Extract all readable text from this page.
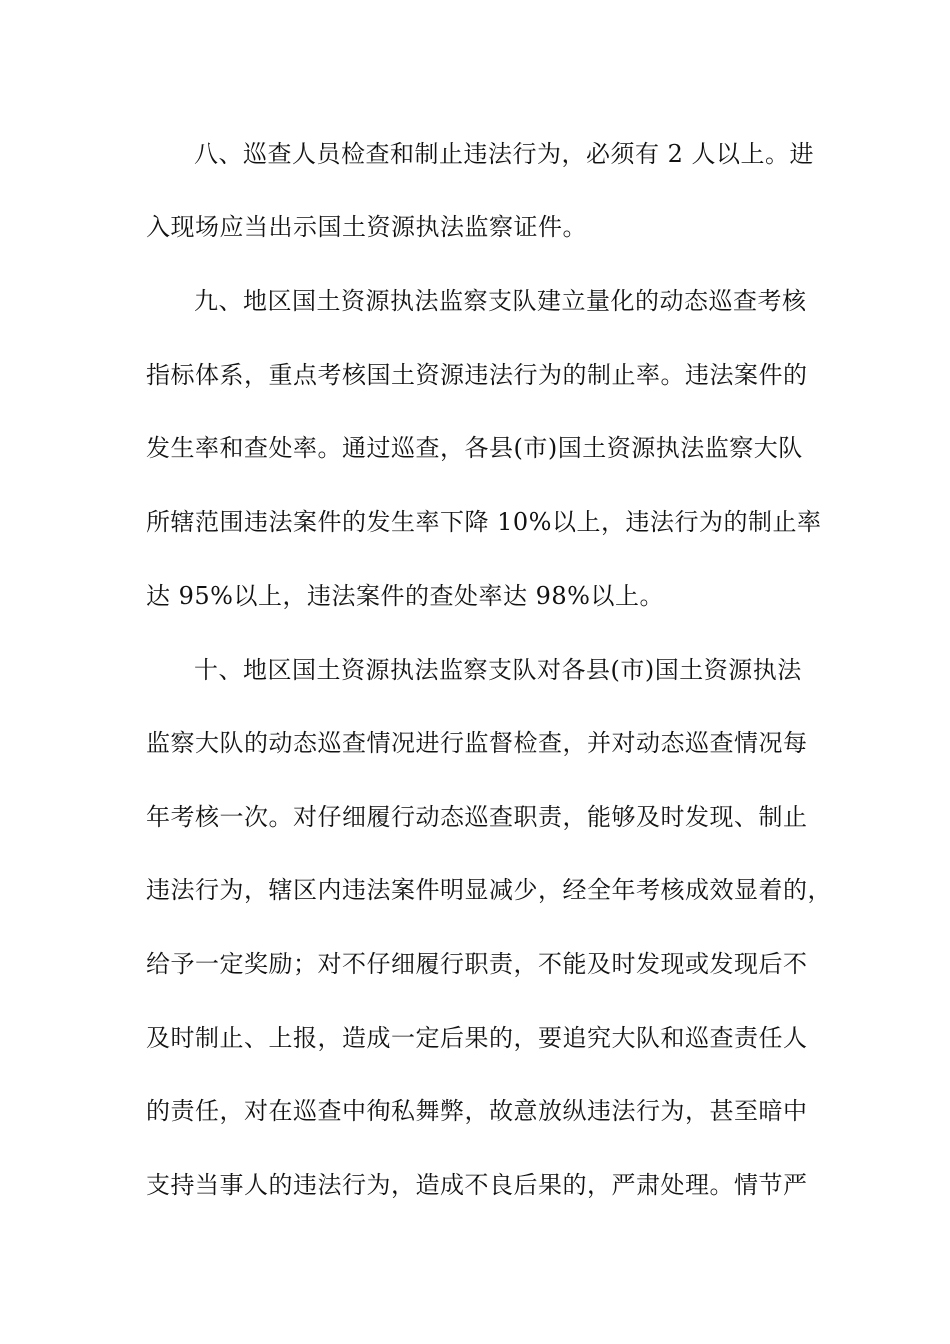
八、巡查人员检查和制止违法行为，必须有 2 人以上。进
入现场应当出示国土资源执法监察证件。
九、地区国土资源执法监察支队建立量化的动态巡查考核
指标体系，重点考核国土资源违法行为的制止率。违法案件的
发生率和查处率。通过巡查，各县(市)国土资源执法监察大队
所辖范围违法案件的发生率下降 10%以上，违法行为的制止率
达 95%以上，违法案件的查处率达 98%以上。
十、地区国土资源执法监察支队对各县(市)国土资源执法
监察大队的动态巡查情况进行监督检查，并对动态巡查情况每
年考核一次。对仔细履行动态巡查职责，能够及时发现、制止
违法行为，辖区内违法案件明显减少，经全年考核成效显着的，
给予一定奖励；对不仔细履行职责，不能及时发现或发现后不
及时制止、上报，造成一定后果的，要追究大队和巡查责任人
的责任，对在巡查中徇私舞弊，故意放纵违法行为，甚至暗中
支持当事人的违法行为，造成不良后果的，严肃处理。情节严
